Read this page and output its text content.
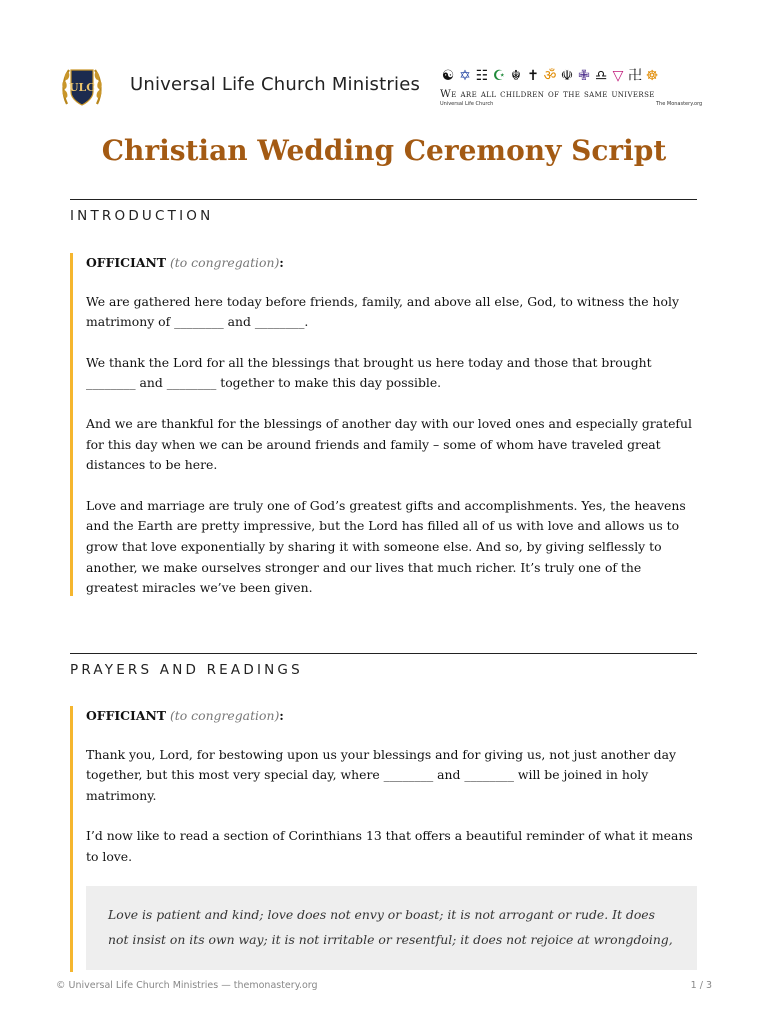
ULC Universal Life Church Ministries ☯ ✡ ☷ ☪ ☬ ✝ ॐ ☫ ✙ ♎ ▽ 卍 ☸
We are all children of the same universe
Universal Life Church	The Monastery.org
Christian Wedding Ceremony Script
INTRODUCTION

OFFICIANT (to congregation):

We are gathered here today before friends, family, and above all else, God, to witness the holy matrimony of ________ and ________.

We thank the Lord for all the blessings that brought us here today and those that brought ________ and ________ together to make this day possible.

And we are thankful for the blessings of another day with our loved ones and especially grateful for this day when we can be around friends and family – some of whom have traveled great distances to be here.

Love and marriage are truly one of God’s greatest gifts and accomplishments. Yes, the heavens and the Earth are pretty impressive, but the Lord has filled all of us with love and allows us to grow that love exponentially by sharing it with someone else. And so, by giving selflessly to another, we make ourselves stronger and our lives that much richer. It’s truly one of the greatest miracles we’ve been given.

PRAYERS AND READINGS

OFFICIANT (to congregation):

Thank you, Lord, for bestowing upon us your blessings and for giving us, not just another day together, but this most very special day, where ________ and ________ will be joined in holy matrimony.

I’d now like to read a section of Corinthians 13 that offers a beautiful reminder of what it means to love.

Love is patient and kind; love does not envy or boast; it is not arrogant or rude. It does not insist on its own way; it is not irritable or resentful; it does not rejoice at wrongdoing,
© Universal Life Church Ministries — themonastery.org	1 / 3
